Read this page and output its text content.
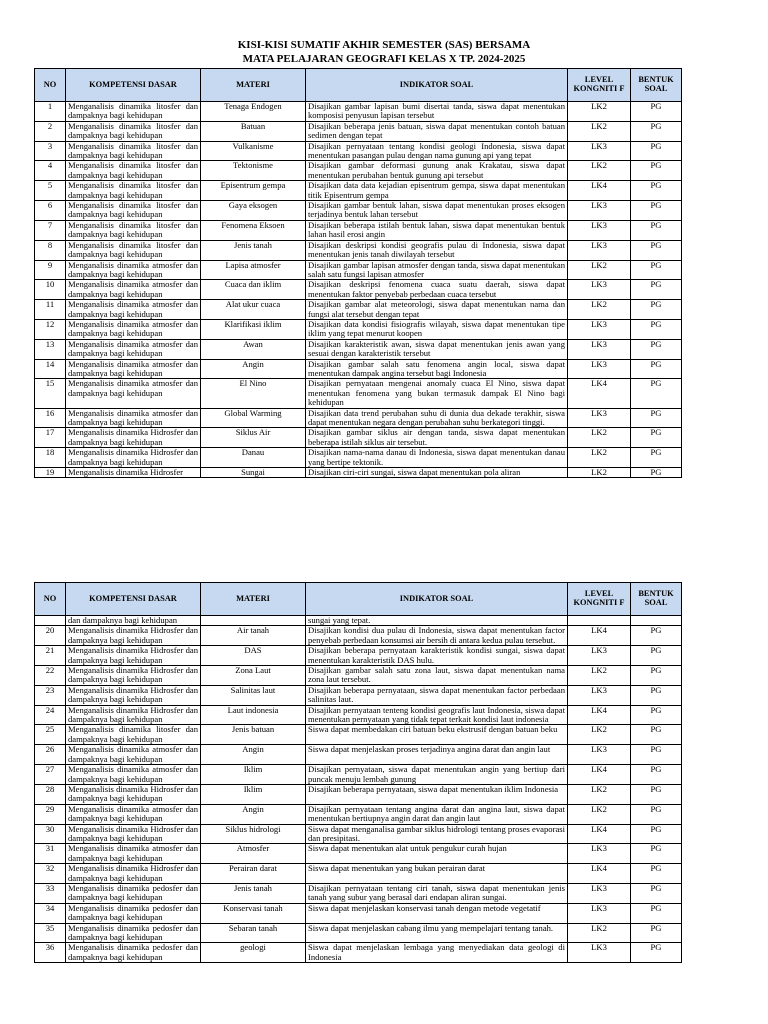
KISI-KISI SUMATIF AKHIR SEMESTER (SAS) BERSAMA
MATA PELAJARAN GEOGRAFI KELAS X TP. 2024-2025
NO	KOMPETENSI DASAR	MATERI	INDIKATOR SOAL	LEVEL KONGNITI F	BENTUK SOAL
1	Menganalisis dinamika litosfer dan dampaknya bagi kehidupan	Tenaga Endogen	Disajikan gambar lapisan bumi disertai tanda, siswa dapat menentukan komposisi penyusun lapisan tersebut	LK2	PG
2	Menganalisis dinamika litosfer dan dampaknya bagi kehidupan	Batuan	Disajikan beberapa jenis batuan, siswa dapat menentukan contoh batuan sedimen dengan tepat	LK2	PG
3	Menganalisis dinamika litosfer dan dampaknya bagi kehidupan	Vulkanisme	Disajikan pernyataan tentang kondisi geologi Indonesia, siswa dapat menentukan pasangan pulau dengan nama gunung api yang tepat	LK3	PG
4	Menganalisis dinamika litosfer dan dampaknya bagi kehidupan	Tektonisme	Disajikan gambar deformasi gunung anak Krakatau, siswa dapat menentukan perubahan bentuk gunung api tersebut	LK2	PG
5	Menganalisis dinamika litosfer dan dampaknya bagi kehidupan	Episentrum gempa	Disajikan data data kejadian episentrum gempa, siswa dapat menentukan titik Episentrum gempa	LK4	PG
6	Menganalisis dinamika litosfer dan dampaknya bagi kehidupan	Gaya eksogen	Disajikan gambar bentuk lahan, siswa dapat menentukan proses eksogen terjadinya bentuk lahan tersebut	LK3	PG
7	Menganalisis dinamika litosfer dan dampaknya bagi kehidupan	Fenomena Eksoen	Disajikan beberapa istilah bentuk lahan, siswa dapat menentukan bentuk lahan hasil erosi angin	LK3	PG
8	Menganalisis dinamika litosfer dan dampaknya bagi kehidupan	Jenis tanah	Disajikan deskripsi kondisi geografis pulau di Indonesia, siswa dapat menentukan jenis tanah diwilayah tersebut	LK3	PG
9	Menganalisis dinamika atmosfer dan dampaknya bagi kehidupan	Lapisa atmosfer	Disajikan gambar lapisan atmosfer dengan tanda, siswa dapat menentukan salah satu fungsi lapisan atmosfer	LK2	PG
10	Menganalisis dinamika atmosfer dan dampaknya bagi kehidupan	Cuaca dan iklim	Disajikan deskripsi fenomena cuaca suatu daerah, siswa dapat menentukan faktor penyebab perbedaan cuaca tersebut	LK3	PG
11	Menganalisis dinamika atmosfer dan dampaknya bagi kehidupan	Alat ukur cuaca	Disajikan gambar alat meteorologi, siswa dapat menentukan nama dan fungsi alat tersebut dengan tepat	LK2	PG
12	Menganalisis dinamika atmosfer dan dampaknya bagi kehidupan	Klarifikasi iklim	Disajikan data kondisi fisiografis wilayah, siswa dapat menentukan tipe iklim yang tepat menurut koopen	LK3	PG
13	Menganalisis dinamika atmosfer dan dampaknya bagi kehidupan	Awan	Disajikan karakteristik awan, siswa dapat menentukan jenis awan yang sesuai dengan karakteristik tersebut	LK3	PG
14	Menganalisis dinamika atmosfer dan dampaknya bagi kehidupan	Angin	Disajikan gambar salah satu fenomena angin local, siswa dapat menentukan dampak angina tersebut bagi Indonesia	LK3	PG
15	Menganalisis dinamika atmosfer dan dampaknya bagi kehidupan	El Nino	Disajikan pernyataan mengenai anomaly cuaca El Nino, siswa dapat menentukan fenomena yang bukan termasuk dampak El Nino bagi kehidupan	LK4	PG
16	Menganalisis dinamika atmosfer dan dampaknya bagi kehidupan	Global Warming	Disajikan data trend perubahan suhu di dunia dua dekade terakhir, siswa dapat menentukan negara dengan perubahan suhu berkategori tinggi.	LK3	PG
17	Menganalisis dinamika Hidrosfer dan dampaknya bagi kehidupan	Siklus Air	Disajikan gambar siklus air dengan tanda, siswa dapat menentukan beberapa istilah siklus air tersebut.	LK2	PG
18	Menganalisis dinamika Hidrosfer dan dampaknya bagi kehidupan	Danau	Disajikan nama-nama danau di Indonesia, siswa dapat menentukan danau yang bertipe tektonik.	LK2	PG
19	Menganalisis dinamika Hidrosfer	Sungai	Disajikan ciri-ciri sungai, siswa dapat menentukan pola aliran	LK2	PG
NO	KOMPETENSI DASAR	MATERI	INDIKATOR SOAL	LEVEL KONGNITI F	BENTUK SOAL
	dan dampaknya bagi kehidupan		sungai yang tepat.		
20	Menganalisis dinamika Hidrosfer dan dampaknya bagi kehidupan	Air tanah	Disajikan kondisi dua pulau di Indonesia, siswa dapat menentukan factor penyebab perbedaan konsumsi air bersih di antara kedua pulau tersebut.	LK4	PG
21	Menganalisis dinamika Hidrosfer dan dampaknya bagi kehidupan	DAS	Disajikan beberapa pernyataan karakteristik kondisi sungai, siswa dapat menentukan karakteristik DAS hulu.	LK3	PG
22	Menganalisis dinamika Hidrosfer dan dampaknya bagi kehidupan	Zona Laut	Disajikan gambar salah satu zona laut, siswa dapat menentukan nama zona laut tersebut.	LK2	PG
23	Menganalisis dinamika Hidrosfer dan dampaknya bagi kehidupan	Salinitas laut	Disajikan beberapa pernyataan, siswa dapat menentukan factor perbedaan salinitas laut.	LK3	PG
24	Menganalisis dinamika Hidrosfer dan dampaknya bagi kehidupan	Laut indonesia	Disajikan pernyataan tenteng kondisi geografis laut Indonesia, siswa dapat menentukan pernyataan yang tidak tepat terkait kondisi laut indonesia	LK4	PG
25	Menganalisis dinamika litosfer dan dampaknya bagi kehidupan	Jenis batuan	Siswa dapat membedakan ciri batuan beku ekstrusif dengan batuan beku	LK2	PG
26	Menganalisis dinamika atmosfer dan dampaknya bagi kehidupan	Angin	Siswa dapat menjelaskan proses terjadinya angina darat dan angin laut	LK3	PG
27	Menganalisis dinamika atmosfer dan dampaknya bagi kehidupan	Iklim	Disajikan pernyataan, siswa dapat menentukan angin yang bertiup dari puncak menuju lembah gunung	LK4	PG
28	Menganalisis dinamika Hidrosfer dan dampaknya bagi kehidupan	Iklim	Disajikan beberapa pernyataan, siswa dapat menentukan iklim Indonesia	LK2	PG
29	Menganalisis dinamika atmosfer dan dampaknya bagi kehidupan	Angin	Disajikan pernyataan tentang angina darat dan angina laut, siswa dapat menentukan bertiupnya angin darat dan angin laut	LK2	PG
30	Menganalisis dinamika Hidrosfer dan dampaknya bagi kehidupan	Siklus hidrologi	Siswa dapat menganalisa gambar siklus hidrologi tentang proses evaporasi dan presipitasi.	LK4	PG
31	Menganalisis dinamika atmosfer dan dampaknya bagi kehidupan	Atmosfer	Siswa dapat menentukan alat untuk pengukur curah hujan	LK3	PG
32	Menganalisis dinamika Hidrosfer dan dampaknya bagi kehidupan	Perairan darat	Siswa dapat menentukan yang bukan perairan darat	LK4	PG
33	Menganalisis dinamika pedosfer dan dampaknya bagi kehidupan	Jenis tanah	Disajikan pernyataan tentang ciri tanah, siswa dapat menentukan jenis tanah yang subur yang berasal dari endapan aliran sungai.	LK3	PG
34	Menganalisis dinamika pedosfer dan dampaknya bagi kehidupan	Konservasi tanah	Siswa dapat menjelaskan konservasi tanah dengan metode vegetatif	LK3	PG
35	Menganalisis dinamika pedosfer dan dampaknya bagi kehidupan	Sebaran tanah	Siswa dapat menjelaskan cabang ilmu yang mempelajari tentang tanah.	LK2	PG
36	Menganalisis dinamika pedosfer dan dampaknya bagi kehidupan	geologi	Siswa dapat menjelaskan lembaga yang menyediakan data geologi di Indonesia	LK3	PG
